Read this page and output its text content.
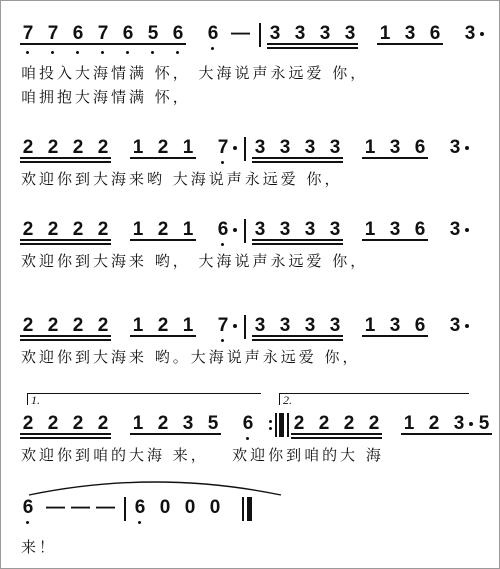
7 7 6 7 6 5 6 6 — 3 3 3 3 1 3 6 3
咱投入大海情满 怀， 大海说声永远爱 你，
咱拥抱大海情满 怀，
2 2 2 2 1 2 1 7 3 3 3 3 1 3 6 3
欢迎你到大海来哟 大海说声永远爱 你，
2 2 2 2 1 2 1 6 3 3 3 3 1 3 6 3
欢迎你到大海来 哟， 大海说声永远爱 你，
2 2 2 2 1 2 1 7 3 3 3 3 1 3 6 3
欢迎你到大海来 哟。大海说声永远爱 你，
2 2 2 2 1 2 3 5 6 2 2 2 2 1 2 3 5
欢迎你到咱的大海 来，   欢迎你到咱的大 海
1.	2.
6 — — — 6 0 0 0
来！
